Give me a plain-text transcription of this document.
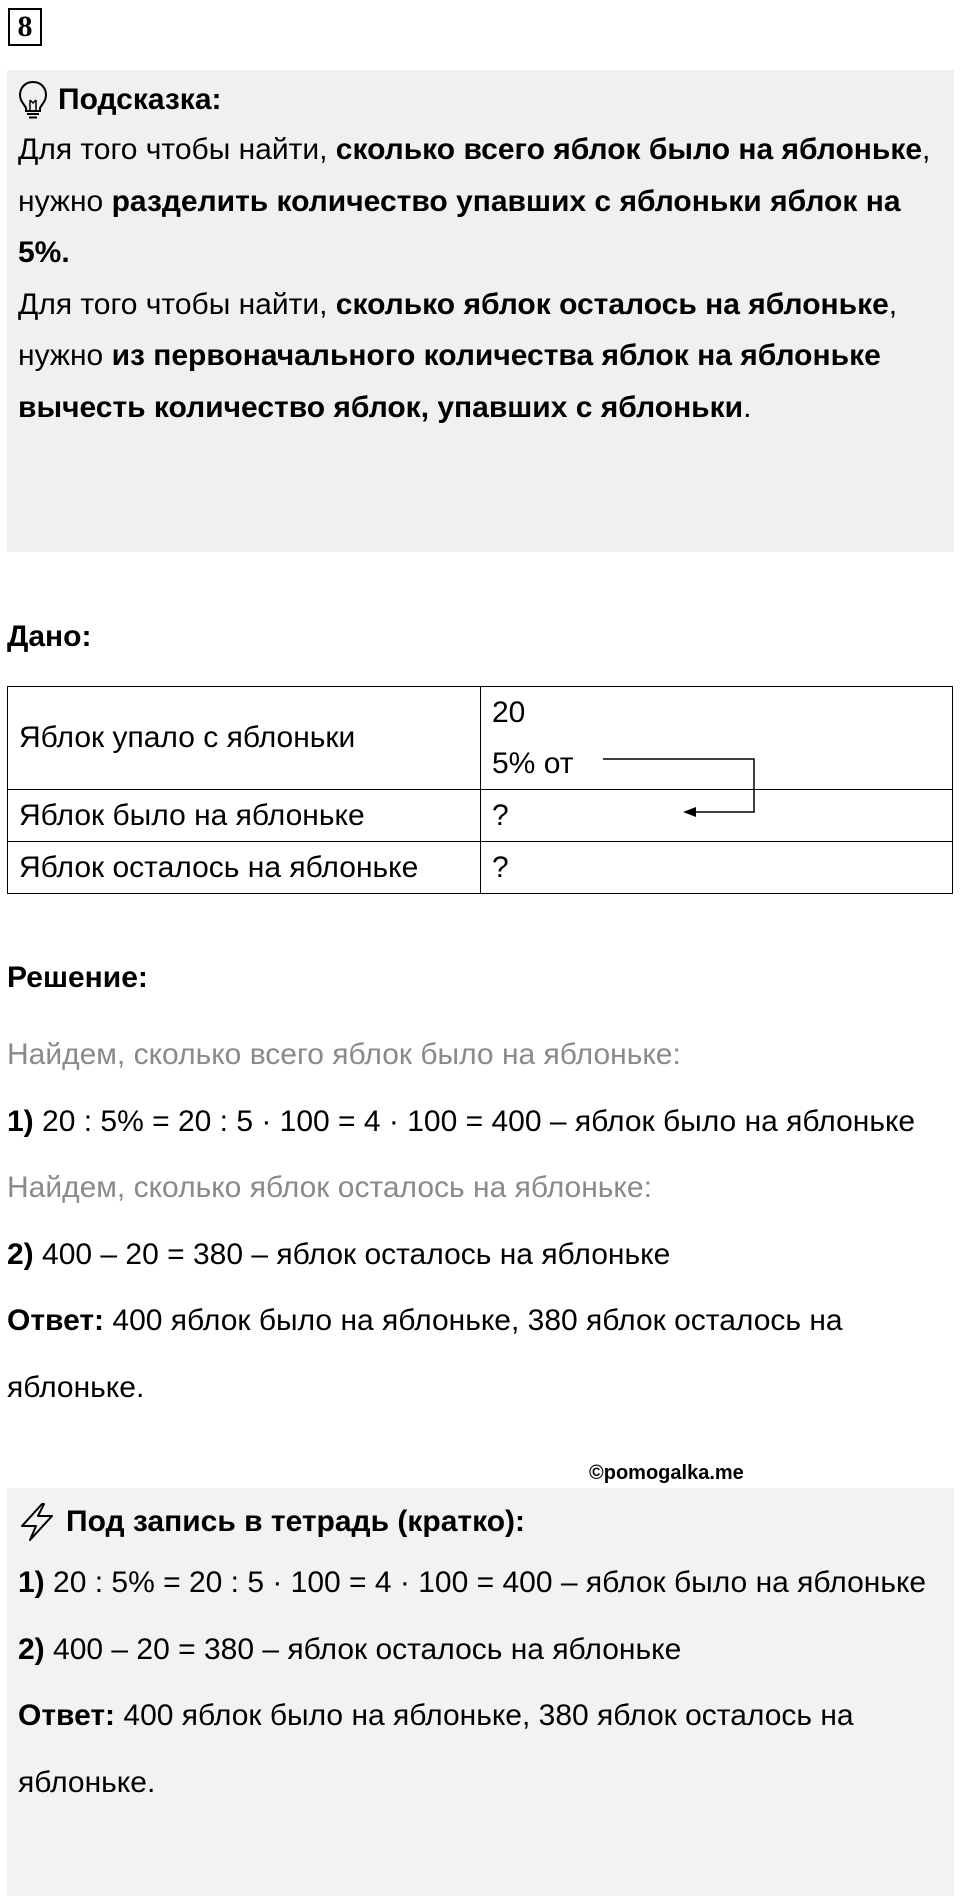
8
Подсказка:

Для того чтобы найти, сколько всего яблок было на яблоньке, нужно разделить количество упавших с яблоньки яблок на 5%.

Для того чтобы найти, сколько яблок осталось на яблоньке, нужно из первоначального количества яблок на яблоньке вычесть количество яблок, упавших с яблоньки.

Дано:
Яблок упало с яблоньки	20
5% от

Яблок было на яблоньке	?
Яблок осталось на яблоньке	?
Решение:

Найдем, сколько всего яблок было на яблоньке:

1) 20 : 5% = 20 : 5 · 100 = 4 · 100 = 400 – яблок было на яблоньке

Найдем, сколько яблок осталось на яблоньке:

2) 400 – 20 = 380 – яблок осталось на яблоньке

Ответ: 400 яблок было на яблоньке, 380 яблок осталось на яблоньке.

©pomogalka.me
Под запись в тетрадь (кратко):

1) 20 : 5% = 20 : 5 · 100 = 4 · 100 = 400 – яблок было на яблоньке

2) 400 – 20 = 380 – яблок осталось на яблоньке

Ответ: 400 яблок было на яблоньке, 380 яблок осталось на яблоньке.
